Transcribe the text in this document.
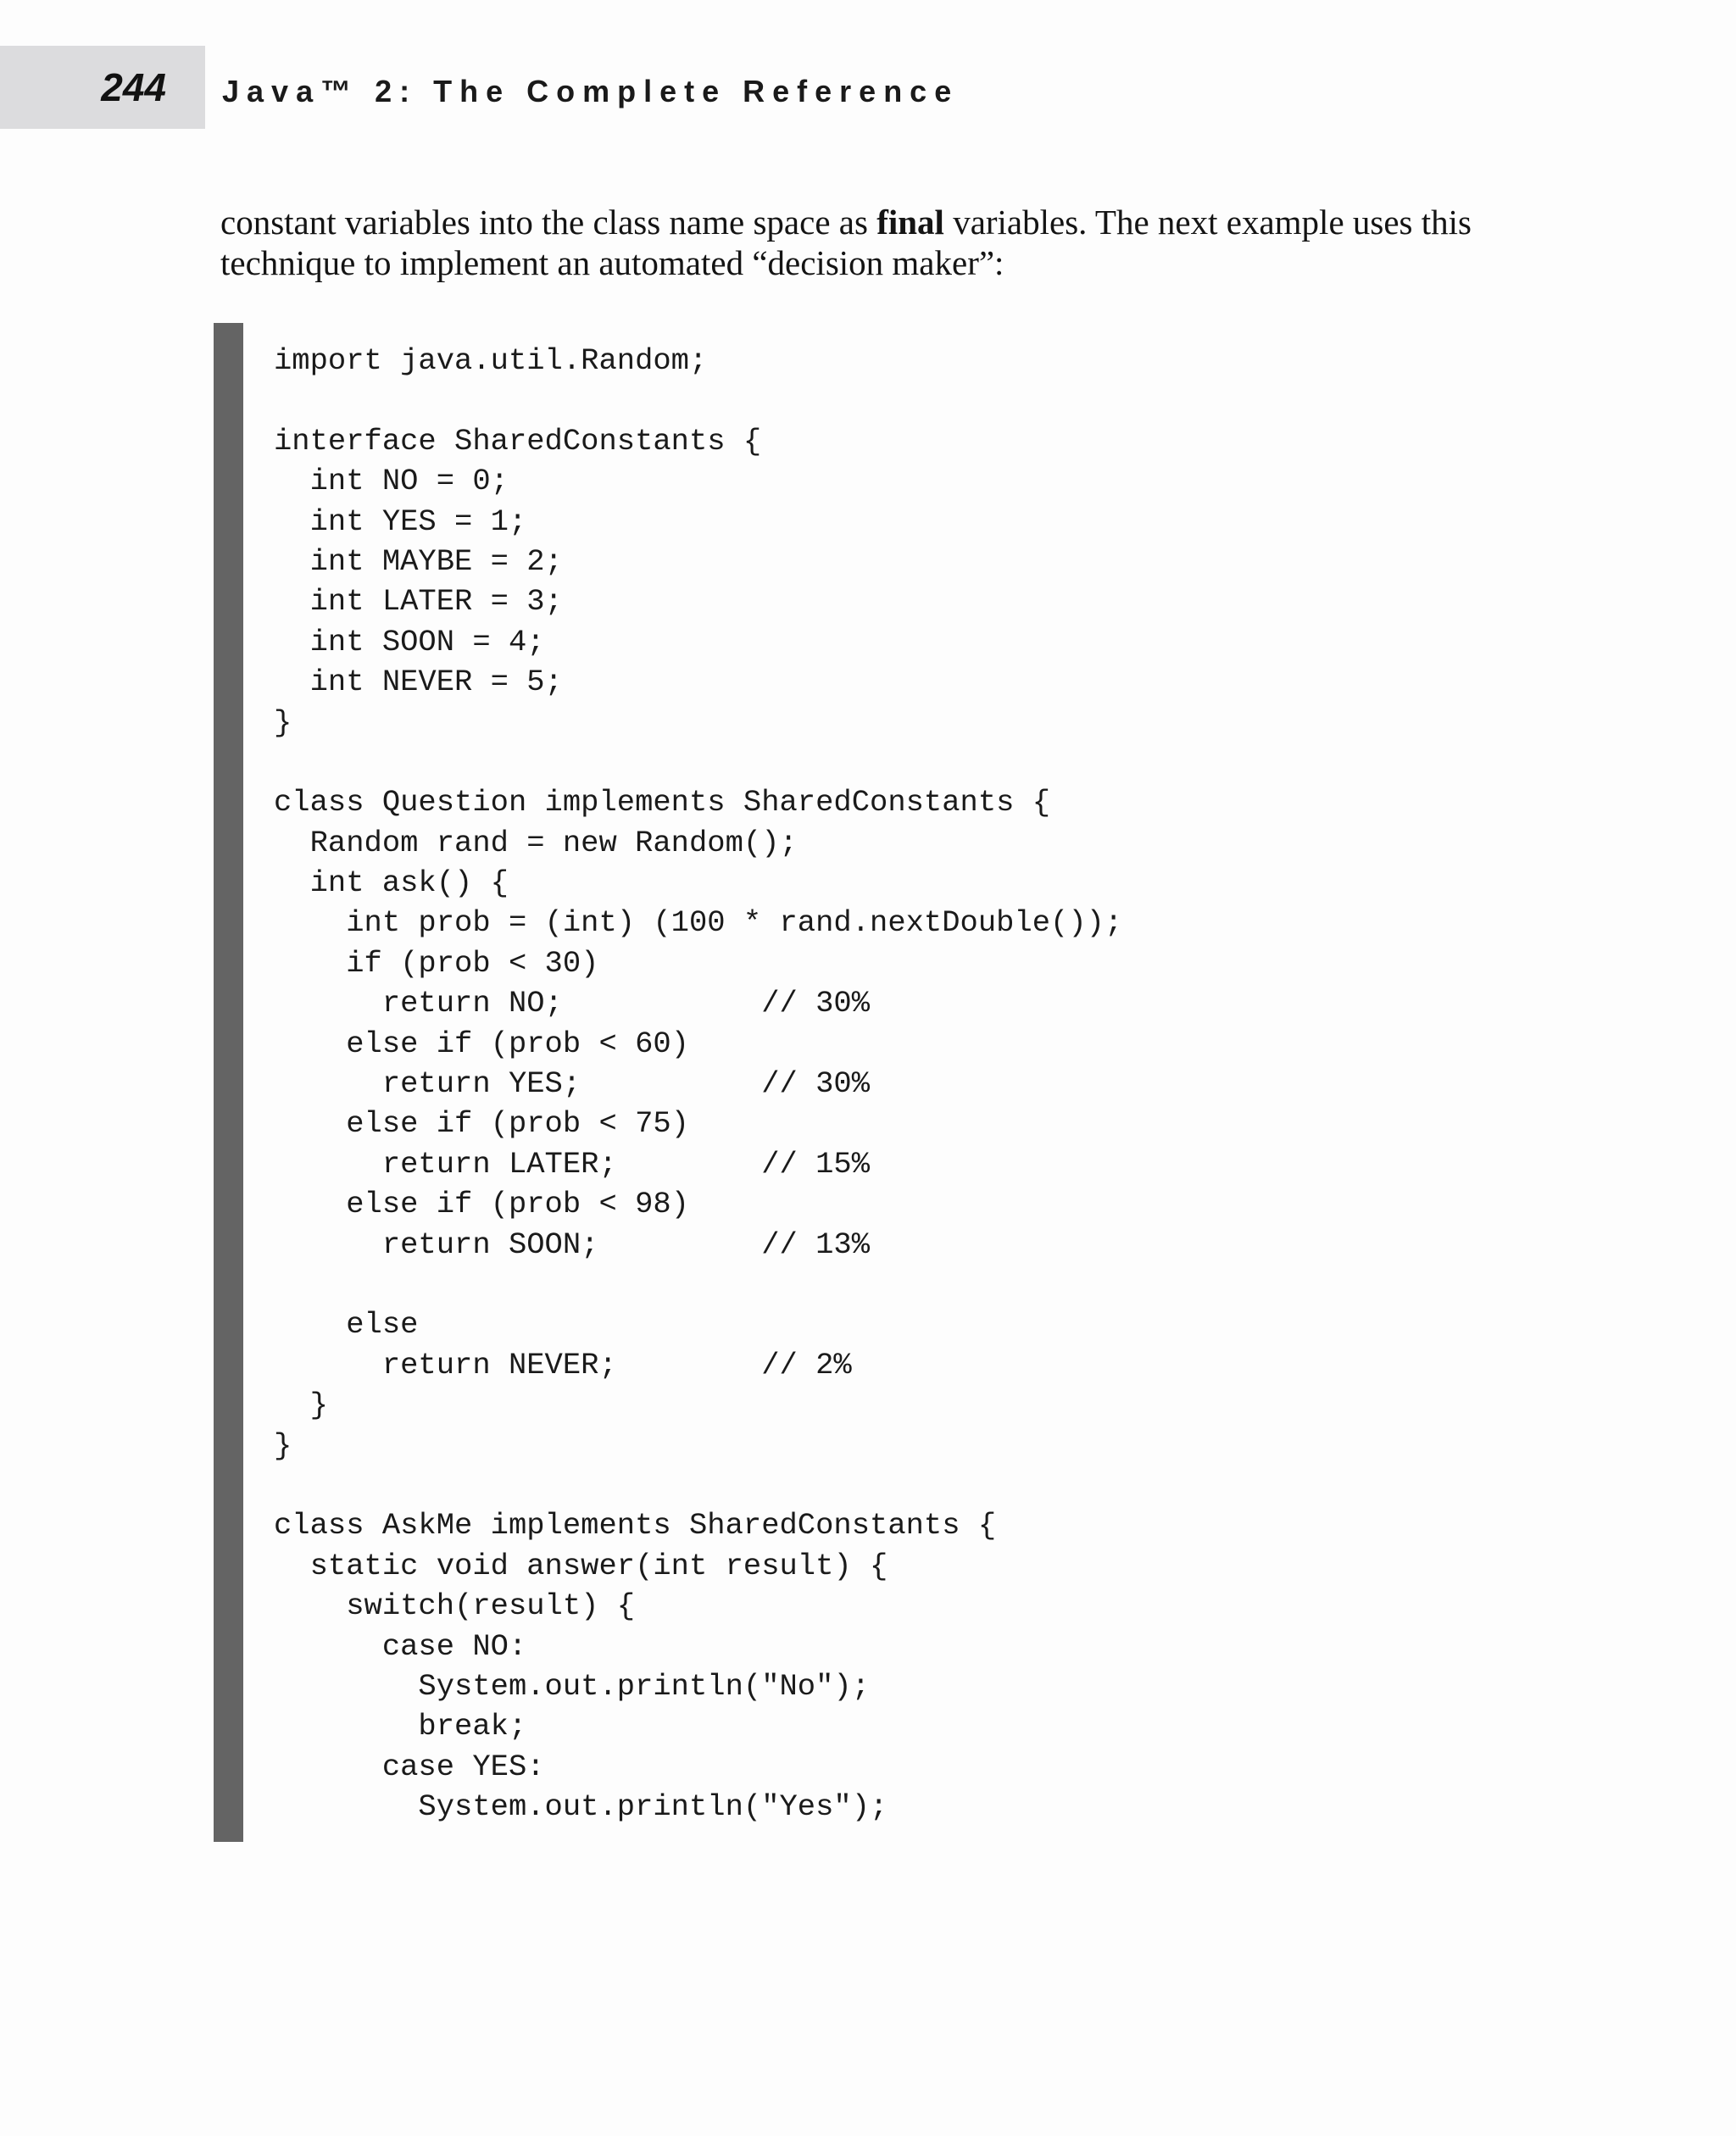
244 Java™ 2: The Complete Reference

constant variables into the class name space as final variables. The next example uses this technique to implement an automated “decision maker”:

import java.util.Random;
interface SharedConstants {
int NO = 0;
int YES = 1;
int MAYBE = 2;
int LATER = 3;
int SOON = 4;
int NEVER = 5;
}
class Question implements SharedConstants {
Random rand = new Random();
int ask() {
int prob = (int) (100 * rand.nextDouble());
if (prob < 30)
return NO;           // 30%
else if (prob < 60)
return YES;          // 30%
else if (prob < 75)
return LATER;        // 15%
else if (prob < 98)
return SOON;         // 13%
else
return NEVER;        // 2%
}
}
class AskMe implements SharedConstants {
static void answer(int result) {
switch(result) {
case NO:
System.out.println("No");
break;
case YES:
System.out.println("Yes");
